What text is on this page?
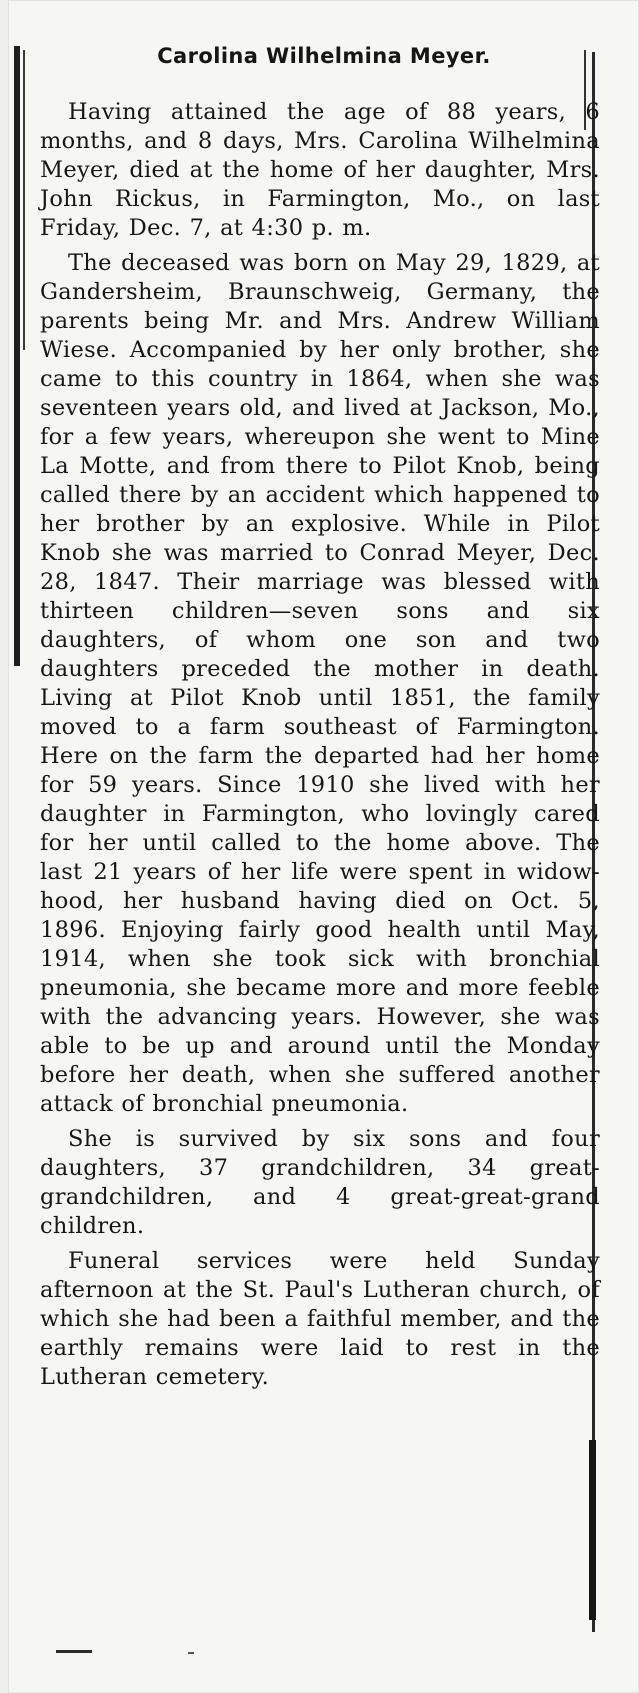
Carolina Wilhelmina Meyer.

Having attained the age of 88 years, 6 months, and 8 days, Mrs. Carolina Wilhelmina Meyer, died at the home of her daughter, Mrs. John Rickus, in Farmington, Mo., on last Friday, Dec. 7, at 4:30 p. m.

The deceased was born on May 29, 1829, at Gandersheim, Braunschweig, Germany, the parents being Mr. and Mrs. Andrew William Wiese. Accompanied by her only brother, she came to this country in 1864, when she was seventeen years old, and lived at Jackson, Mo., for a few years, whereupon she went to Mine La Motte, and from there to Pilot Knob, being called there by an accident which happened to her brother by an explosive. While in Pilot Knob she was married to Conrad Meyer, Dec. 28, 1847. Their marriage was blessed with thirteen children—seven sons and six daughters, of whom one son and two daughters preceded the mother in death. Living at Pilot Knob until 1851, the family moved to a farm southeast of Farmington. Here on the farm the departed had her home for 59 years. Since 1910 she lived with her daughter in Farmington, who lovingly cared for her until called to the home above. The last 21 years of her life were spent in widow-hood, her husband having died on Oct. 5, 1896. Enjoying fairly good health until May, 1914, when she took sick with bronchial pneumonia, she became more and more feeble with the advancing years. However, she was able to be up and around until the Monday before her death, when she suffered another attack of bronchial pneumonia.

She is survived by six sons and four daughters, 37 grandchildren, 34 great-grandchildren, and 4 great-great-grand children.

Funeral services were held Sunday afternoon at the St. Paul's Lutheran church, of which she had been a faithful member, and the earthly remains were laid to rest in the Lutheran cemetery.
